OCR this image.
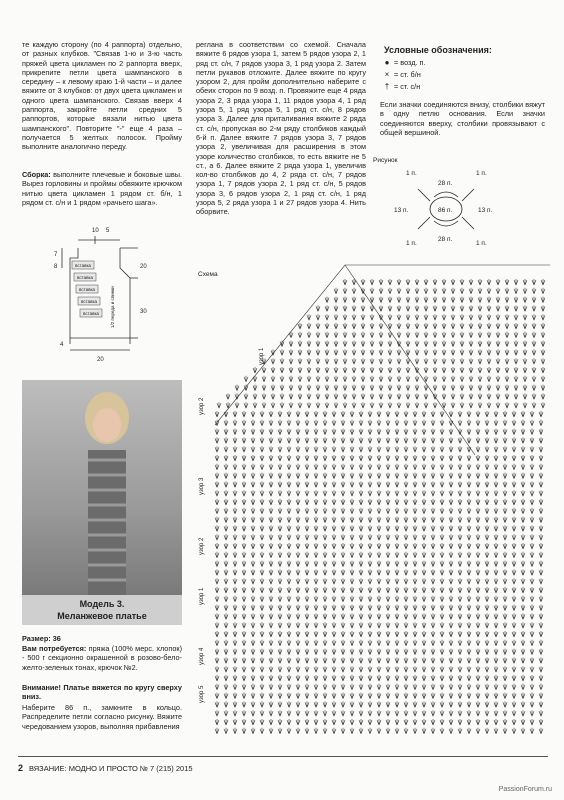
те каждую сторону (по 4 раппорта) отдельно, от разных клубков. "Связав 1-ю и 3-ю часть пряжей цвета цикламен по 2 раппорта вверх, прикрепите петли цвета шампанского в середину – к левому краю 1-й части – и далее вяжите от 3 клубков: от двух цвета цикламен и одного цвета шампанского. Связав вверх 4 раппорта, закройте петли средних 5 раппортов, которые вязали нитью цвета шампанского". Повторите "-" еще 4 раза – получается 5 желтых полосок. Пройму выполните аналогично переду.
Сборка: выполните плечевые и боковые швы. Вырез горловины и проймы обвяжите крючком нитью цвета цикламен 1 рядом ст. б/н, 1 рядом ст. с/н и 1 рядом «рачьего шага».
вставка
вставка
вставка
вставка
вставка
10 5
7
8	20
30
4
20
1/2 переда и спинки
Модель 3.
Меланжевое платье
Размер: 36
Вам потребуется: пряжа (100% мерс. хлопок) - 500 г секционно окрашенной в розово-бело-желто-зеленых тонах, крючок №2.
Внимание! Платье вяжется по кругу сверху вниз.
Наберите 86 п., замкните в кольцо. Распределите петли согласно рисунку. Вяжите чередованием узоров, выполняя прибавления
реглана в соответствии со схемой. Сначала вяжите 6 рядов узора 1, затем 5 рядов узора 2, 1 ряд ст. с/н, 7 рядов узора 3, 1 ряд узора 2. Затем петли рукавов отложите. Далее вяжите по кругу узором 2, для пройм дополнительно наберите с обеих сторон по 9 возд. п. Провяжите еще 4 ряда узора 2, 3 ряда узора 1, 11 рядов узора 4, 1 ряд узора 5, 1 ряд узора 5, 1 ряд ст. с/н, 8 рядов узора 3. Далее для приталивания вяжите 2 ряда ст. с/н, пропуская во 2-м ряду столбиков каждый 6-й п. Далее вяжите 7 рядов узора 3, 7 рядов узора 2, увеличивая для расширения в этом узоре количество столбиков, то есть вяжите не 5 ст., а 6. Далее вяжите 2 ряда узора 1, увеличив кол-во столбиков до 4, 2 ряда ст. с/н, 7 рядов узора 1, 7 рядов узора 2, 1 ряд ст. с/н, 5 рядов узора 3, 6 рядов узора 2, 1 ряд ст. с/н, 1 ряд узора 5, 2 ряда узора 1 и 27 рядов узора 4. Нить оборвите.
Условные обозначения:
● = возд. п.
× = ст. б/н
† = ст. с/н
Если значки соединяются внизу, столбики вяжут в одну петлю основания. Если значки соединяются вверху, столбики провязывают с общей вершиной.
Рисунок
1 п.
28 п.
1 п.
13 п.	86 п.	13 п.
1 п.
28 п.
1 п.
Схема
узор 1
узор 2
узор 3
узор 2
узор 1
узор 4
узор 5
2 ВЯЗАНИЕ: МОДНО И ПРОСТО № 7 (215) 2015
PassionForum.ru
